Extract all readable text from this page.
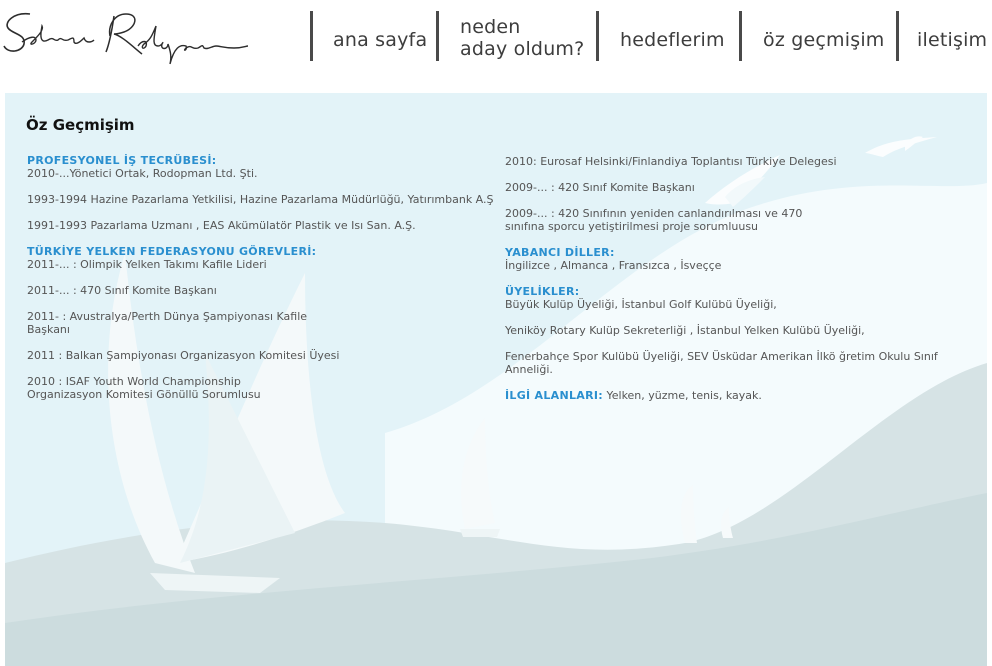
ana sayfa
neden
aday oldum? hedeflerim öz geçmişim iletişim
Öz Geçmişim
PROFESYONEL İŞ TECRÜBESİ:
2010-...Yönetici Ortak, Rodopman Ltd. Şti.
1993-1994 Hazine Pazarlama Yetkilisi, Hazine Pazarlama Müdürlüğü, Yatırımbank A.Ş
1991-1993 Pazarlama Uzmanı , EAS Akümülatör Plastik ve Isı San. A.Ş.
TÜRKİYE YELKEN FEDERASYONU GÖREVLERİ:
2011-... : Olimpik Yelken Takımı Kafile Lideri
2011-... : 470 Sınıf Komite Başkanı
2011- : Avustralya/Perth Dünya Şampiyonası Kafile Başkanı
2011 : Balkan Şampiyonası Organizasyon Komitesi Üyesi
2010 : ISAF Youth World Championship Organizasyon Komitesi Gönüllü Sorumlusu
2010: Eurosaf Helsinki/Finlandiya Toplantısı Türkiye Delegesi
2009-... : 420 Sınıf Komite Başkanı
2009-... : 420 Sınıfının yeniden canlandırılması ve 470 sınıfına sporcu yetiştirilmesi proje sorumluusu
YABANCI DİLLER:
İngilizce , Almanca , Fransızca , İsveççe
ÜYELİKLER:
Büyük Kulüp Üyeliği, İstanbul Golf Kulübü Üyeliği,
Yeniköy Rotary Kulüp Sekreterliği , İstanbul Yelken Kulübü Üyeliği,
Fenerbahçe Spor Kulübü Üyeliği, SEV Üsküdar Amerikan İlkö ğretim Okulu Sınıf Anneliği.
İLGİ ALANLARI: Yelken, yüzme, tenis, kayak.
